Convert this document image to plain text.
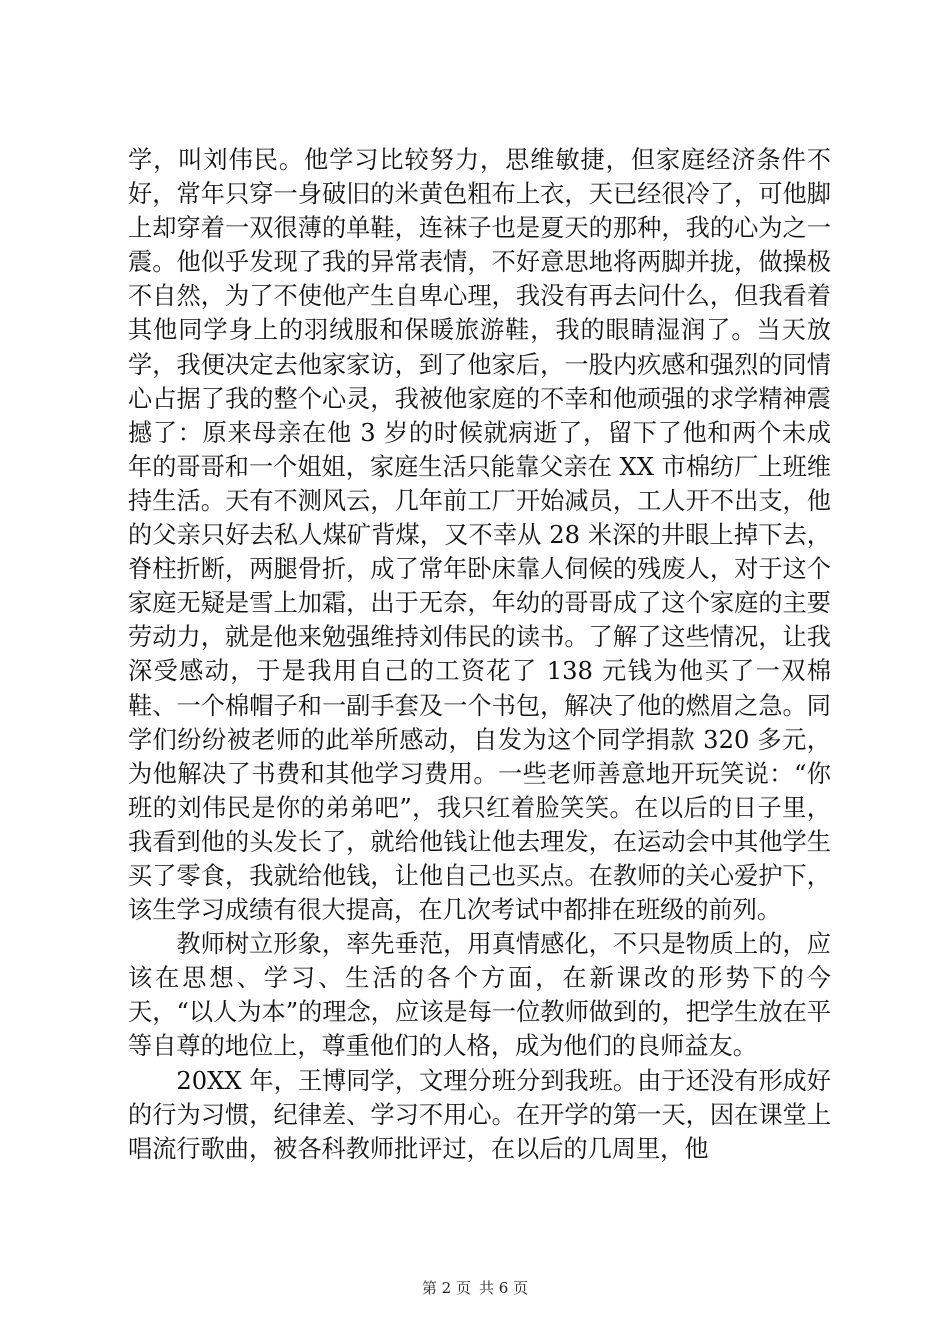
学，叫刘伟民。他学习比较努力，思维敏捷，但家庭经济条件不好，常年只穿一身破旧的米黄色粗布上衣，天已经很冷了，可他脚上却穿着一双很薄的单鞋，连袜子也是夏天的那种，我的心为之一震。他似乎发现了我的异常表情，不好意思地将两脚并拢，做操极不自然，为了不使他产生自卑心理，我没有再去问什么，但我看着其他同学身上的羽绒服和保暖旅游鞋，我的眼睛湿润了。当天放学，我便决定去他家家访，到了他家后，一股内疚感和强烈的同情心占据了我的整个心灵，我被他家庭的不幸和他顽强的求学精神震撼了：原来母亲在他 3 岁的时候就病逝了，留下了他和两个未成年的哥哥和一个姐姐，家庭生活只能靠父亲在 XX 市棉纺厂上班维持生活。天有不测风云，几年前工厂开始减员，工人开不出支，他的父亲只好去私人煤矿背煤，又不幸从 28 米深的井眼上掉下去，脊柱折断，两腿骨折，成了常年卧床靠人伺候的残废人，对于这个家庭无疑是雪上加霜，出于无奈，年幼的哥哥成了这个家庭的主要劳动力，就是他来勉强维持刘伟民的读书。了解了这些情况，让我深受感动，于是我用自己的工资花了 138 元钱为他买了一双棉鞋、一个棉帽子和一副手套及一个书包，解决了他的燃眉之急。同学们纷纷被老师的此举所感动，自发为这个同学捐款 320 多元，为他解决了书费和其他学习费用。一些老师善意地开玩笑说：“你班的刘伟民是你的弟弟吧”，我只红着脸笑笑。在以后的日子里，我看到他的头发长了，就给他钱让他去理发，在运动会中其他学生买了零食，我就给他钱，让他自己也买点。在教师的关心爱护下，该生学习成绩有很大提高，在几次考试中都排在班级的前列。

教师树立形象，率先垂范，用真情感化，不只是物质上的，应该在思想、学习、生活的各个方面，在新课改的形势下的今天，“以人为本”的理念，应该是每一位教师做到的，把学生放在平等自尊的地位上，尊重他们的人格，成为他们的良师益友。

20XX 年，王博同学，文理分班分到我班。由于还没有形成好的行为习惯，纪律差、学习不用心。在开学的第一天，因在课堂上唱流行歌曲，被各科教师批评过，在以后的几周里，他

第 2 页 共 6 页
